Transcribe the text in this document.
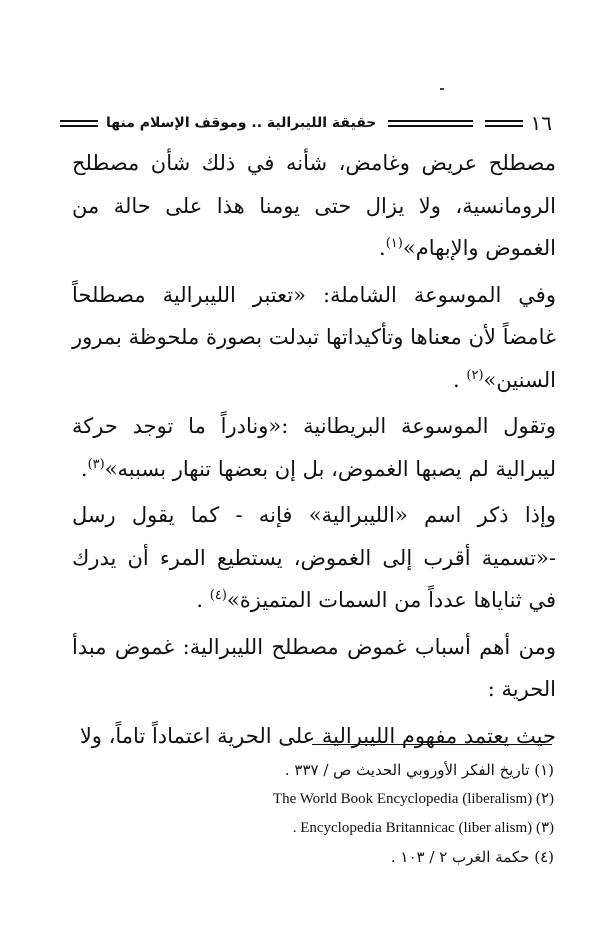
١٦
حقيقة الليبرالية .. وموقف الإسلام منها

مصطلح عريض وغامض، شأنه في ذلك شأن مصطلح الرومانسية، ولا يزال حتى يومنا هذا على حالة من الغموض والإبهام»$^{(١)}$.

وفي الموسوعة الشاملة: «تعتبر الليبرالية مصطلحاً غامضاً لأن معناها وتأكيداتها تبدلت بصورة ملحوظة بمرور السنين»$^{(٢)}$ .

وتقول الموسوعة البريطانية :«ونادراً ما توجد حركة ليبرالية لم يصبها الغموض، بل إن بعضها تنهار بسببه»$^{(٣)}$.

وإذا ذكر اسم «الليبرالية» فإنه - كما يقول رسل -«تسمية أقرب إلى الغموض، يستطيع المرء أن يدرك في ثناياها عدداً من السمات المتميزة»$^{(٤)}$ .

ومن أهم أسباب غموض مصطلح الليبرالية: غموض مبدأ الحرية :

حيث يعتمد مفهوم الليبرالية على الحرية اعتماداً تاماً، ولا

(١) تاريخ الفكر الأوروبي الحديث ص / ٣٣٧ .
(٢) The World Book Encyclopedia (liberalism)
(٣) . Encyclopedia Britannicac (liber alism)
(٤) حكمة الغرب ٢ / ١٠٣ .
